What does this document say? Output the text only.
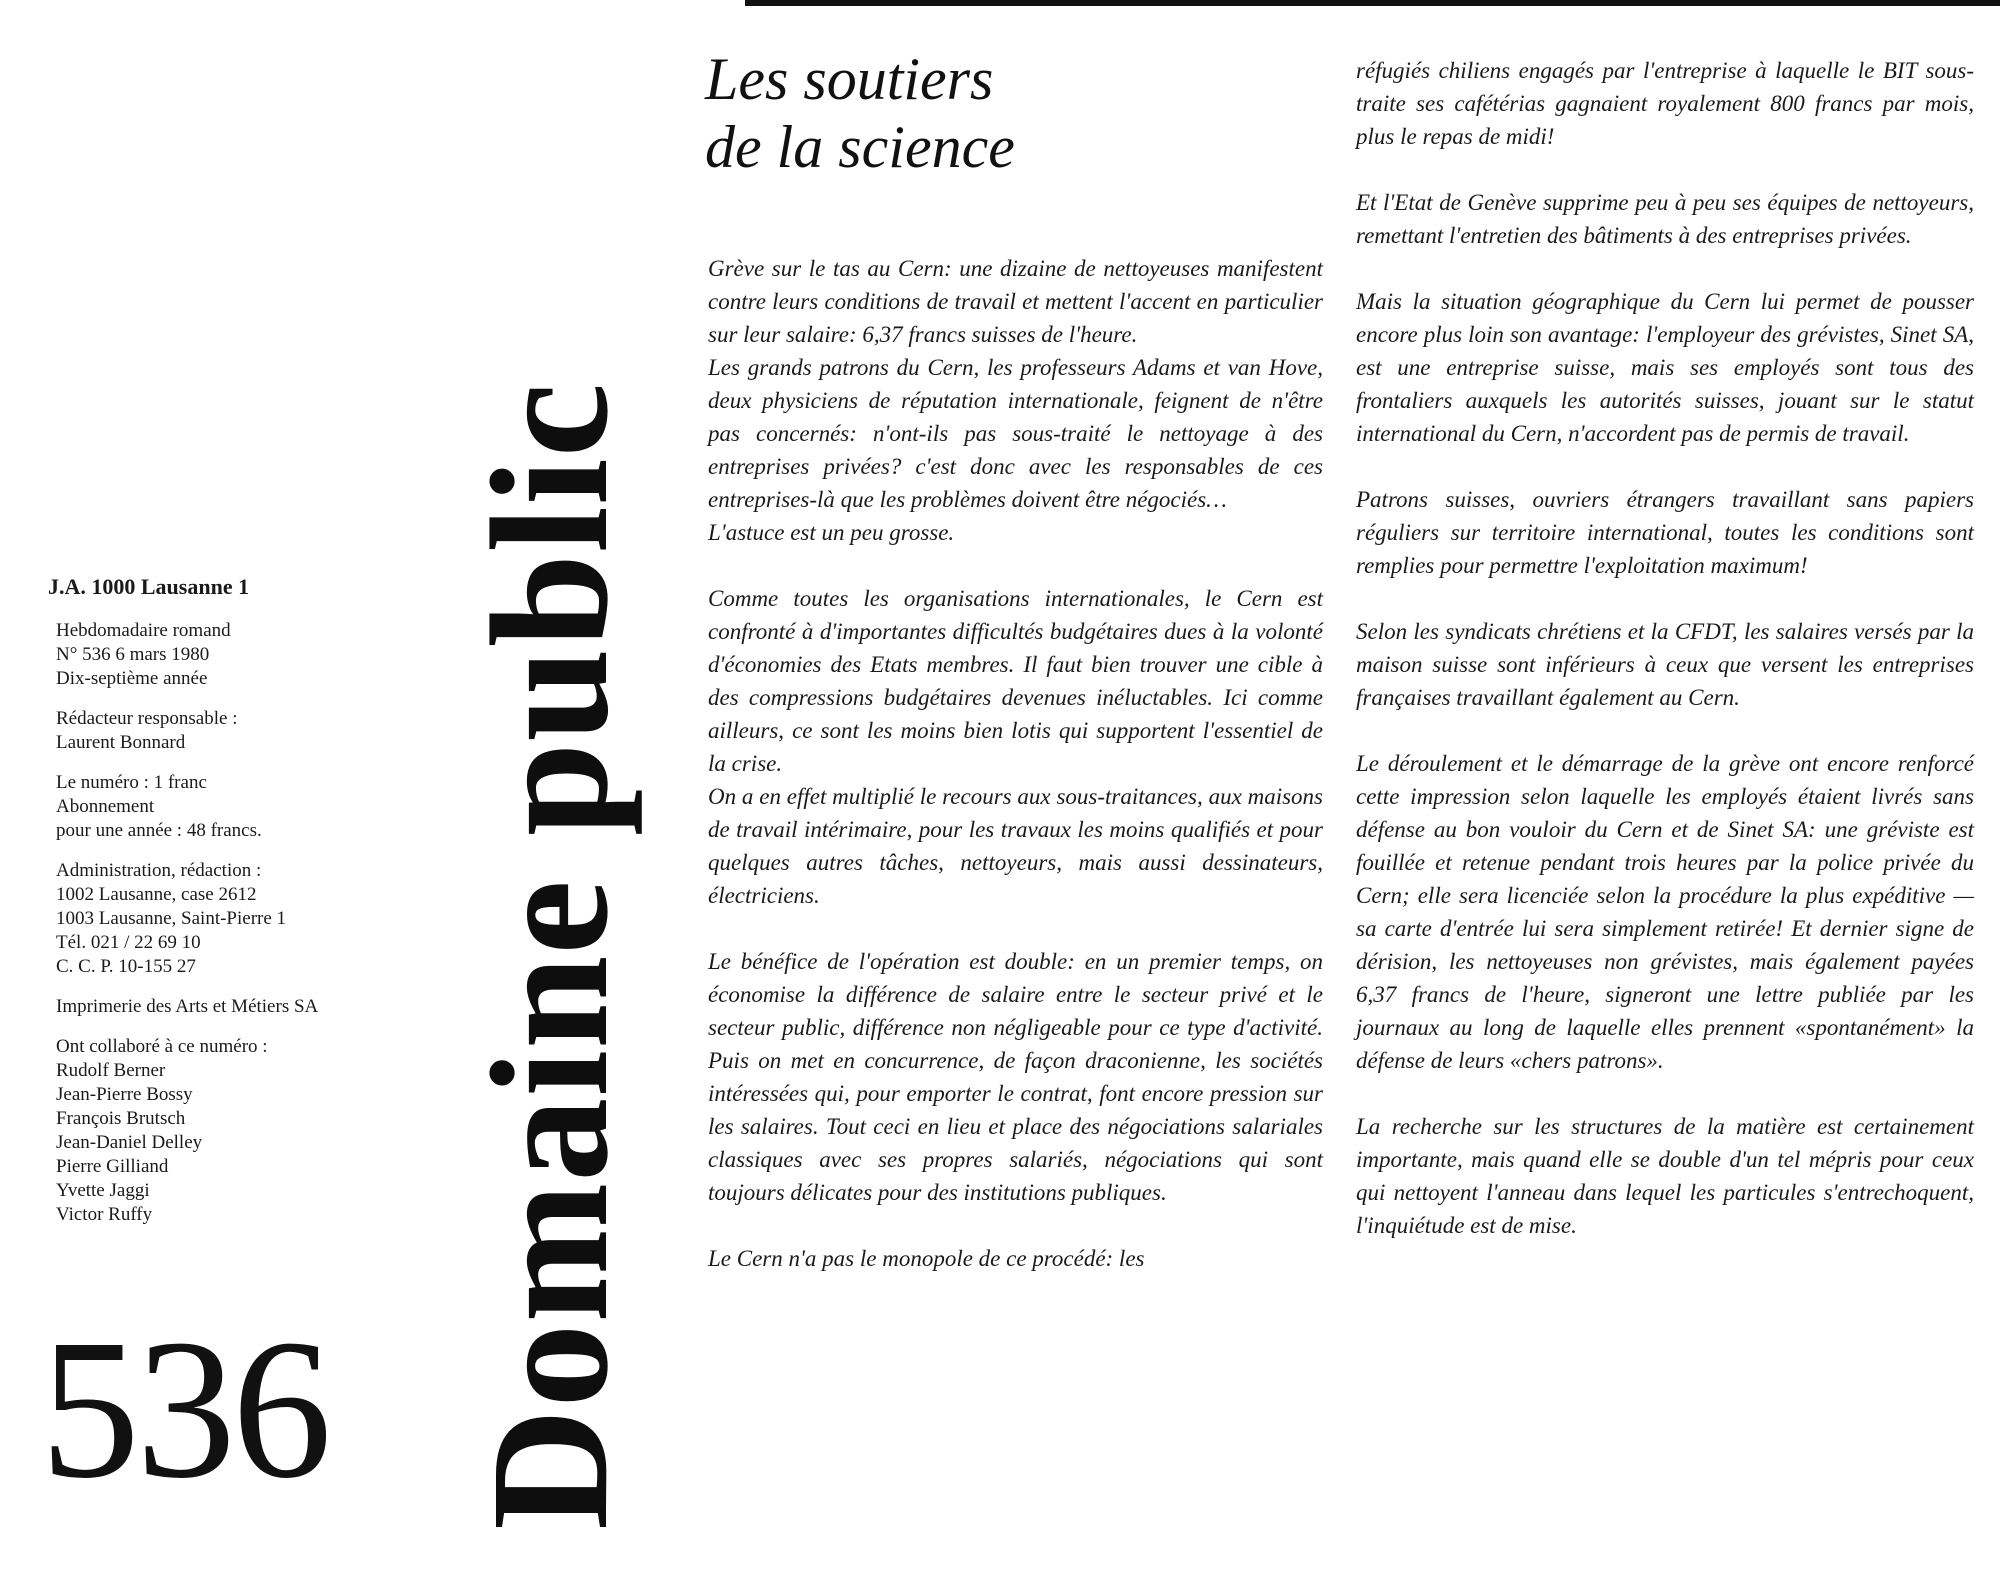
J.A. 1000 Lausanne 1
Hebdomadaire romand
N° 536 6 mars 1980
Dix-septième année
Rédacteur responsable :
Laurent Bonnard
Le numéro : 1 franc
Abonnement
pour une année : 48 francs.
Administration, rédaction :
1002 Lausanne, case 2612
1003 Lausanne, Saint-Pierre 1
Tél. 021 / 22 69 10
C. C. P. 10-155 27
Imprimerie des Arts et Métiers SA
Ont collaboré à ce numéro :
Rudolf Berner
Jean-Pierre Bossy
François Brutsch
Jean-Daniel Delley
Pierre Gilliand
Yvette Jaggi
Victor Ruffy
536 Domaine public
Les soutiers
de la science

Grève sur le tas au Cern: une dizaine de nettoyeuses manifestent contre leurs conditions de travail et mettent l'accent en particulier sur leur salaire: 6,37 francs suisses de l'heure.

Les grands patrons du Cern, les professeurs Adams et van Hove, deux physiciens de réputation internationale, feignent de n'être pas concernés: n'ont-ils pas sous-traité le nettoyage à des entreprises privées? c'est donc avec les responsables de ces entreprises-là que les problèmes doivent être négociés…

L'astuce est un peu grosse.

Comme toutes les organisations internationales, le Cern est confronté à d'importantes difficultés budgétaires dues à la volonté d'économies des Etats membres. Il faut bien trouver une cible à des compressions budgétaires devenues inéluctables. Ici comme ailleurs, ce sont les moins bien lotis qui supportent l'essentiel de la crise.

On a en effet multiplié le recours aux sous-traitances, aux maisons de travail intérimaire, pour les travaux les moins qualifiés et pour quelques autres tâches, nettoyeurs, mais aussi dessinateurs, électriciens.

Le bénéfice de l'opération est double: en un premier temps, on économise la différence de salaire entre le secteur privé et le secteur public, différence non négligeable pour ce type d'activité. Puis on met en concurrence, de façon draconienne, les sociétés intéressées qui, pour emporter le contrat, font encore pression sur les salaires. Tout ceci en lieu et place des négociations salariales classiques avec ses propres salariés, négociations qui sont toujours délicates pour des institutions publiques.

Le Cern n'a pas le monopole de ce procédé: les

réfugiés chiliens engagés par l'entreprise à laquelle le BIT sous-traite ses cafétérias gagnaient royalement 800 francs par mois, plus le repas de midi!

Et l'Etat de Genève supprime peu à peu ses équipes de nettoyeurs, remettant l'entretien des bâtiments à des entreprises privées.

Mais la situation géographique du Cern lui permet de pousser encore plus loin son avantage: l'employeur des grévistes, Sinet SA, est une entreprise suisse, mais ses employés sont tous des frontaliers auxquels les autorités suisses, jouant sur le statut international du Cern, n'accordent pas de permis de travail.

Patrons suisses, ouvriers étrangers travaillant sans papiers réguliers sur territoire international, toutes les conditions sont remplies pour permettre l'exploitation maximum!

Selon les syndicats chrétiens et la CFDT, les salaires versés par la maison suisse sont inférieurs à ceux que versent les entreprises françaises travaillant également au Cern.

Le déroulement et le démarrage de la grève ont encore renforcé cette impression selon laquelle les employés étaient livrés sans défense au bon vouloir du Cern et de Sinet SA: une gréviste est fouillée et retenue pendant trois heures par la police privée du Cern; elle sera licenciée selon la procédure la plus expéditive — sa carte d'entrée lui sera simplement retirée! Et dernier signe de dérision, les nettoyeuses non grévistes, mais également payées 6,37 francs de l'heure, signeront une lettre publiée par les journaux au long de laquelle elles prennent «spontanément» la défense de leurs «chers patrons».

La recherche sur les structures de la matière est certainement importante, mais quand elle se double d'un tel mépris pour ceux qui nettoyent l'anneau dans lequel les particules s'entrechoquent, l'inquiétude est de mise.
